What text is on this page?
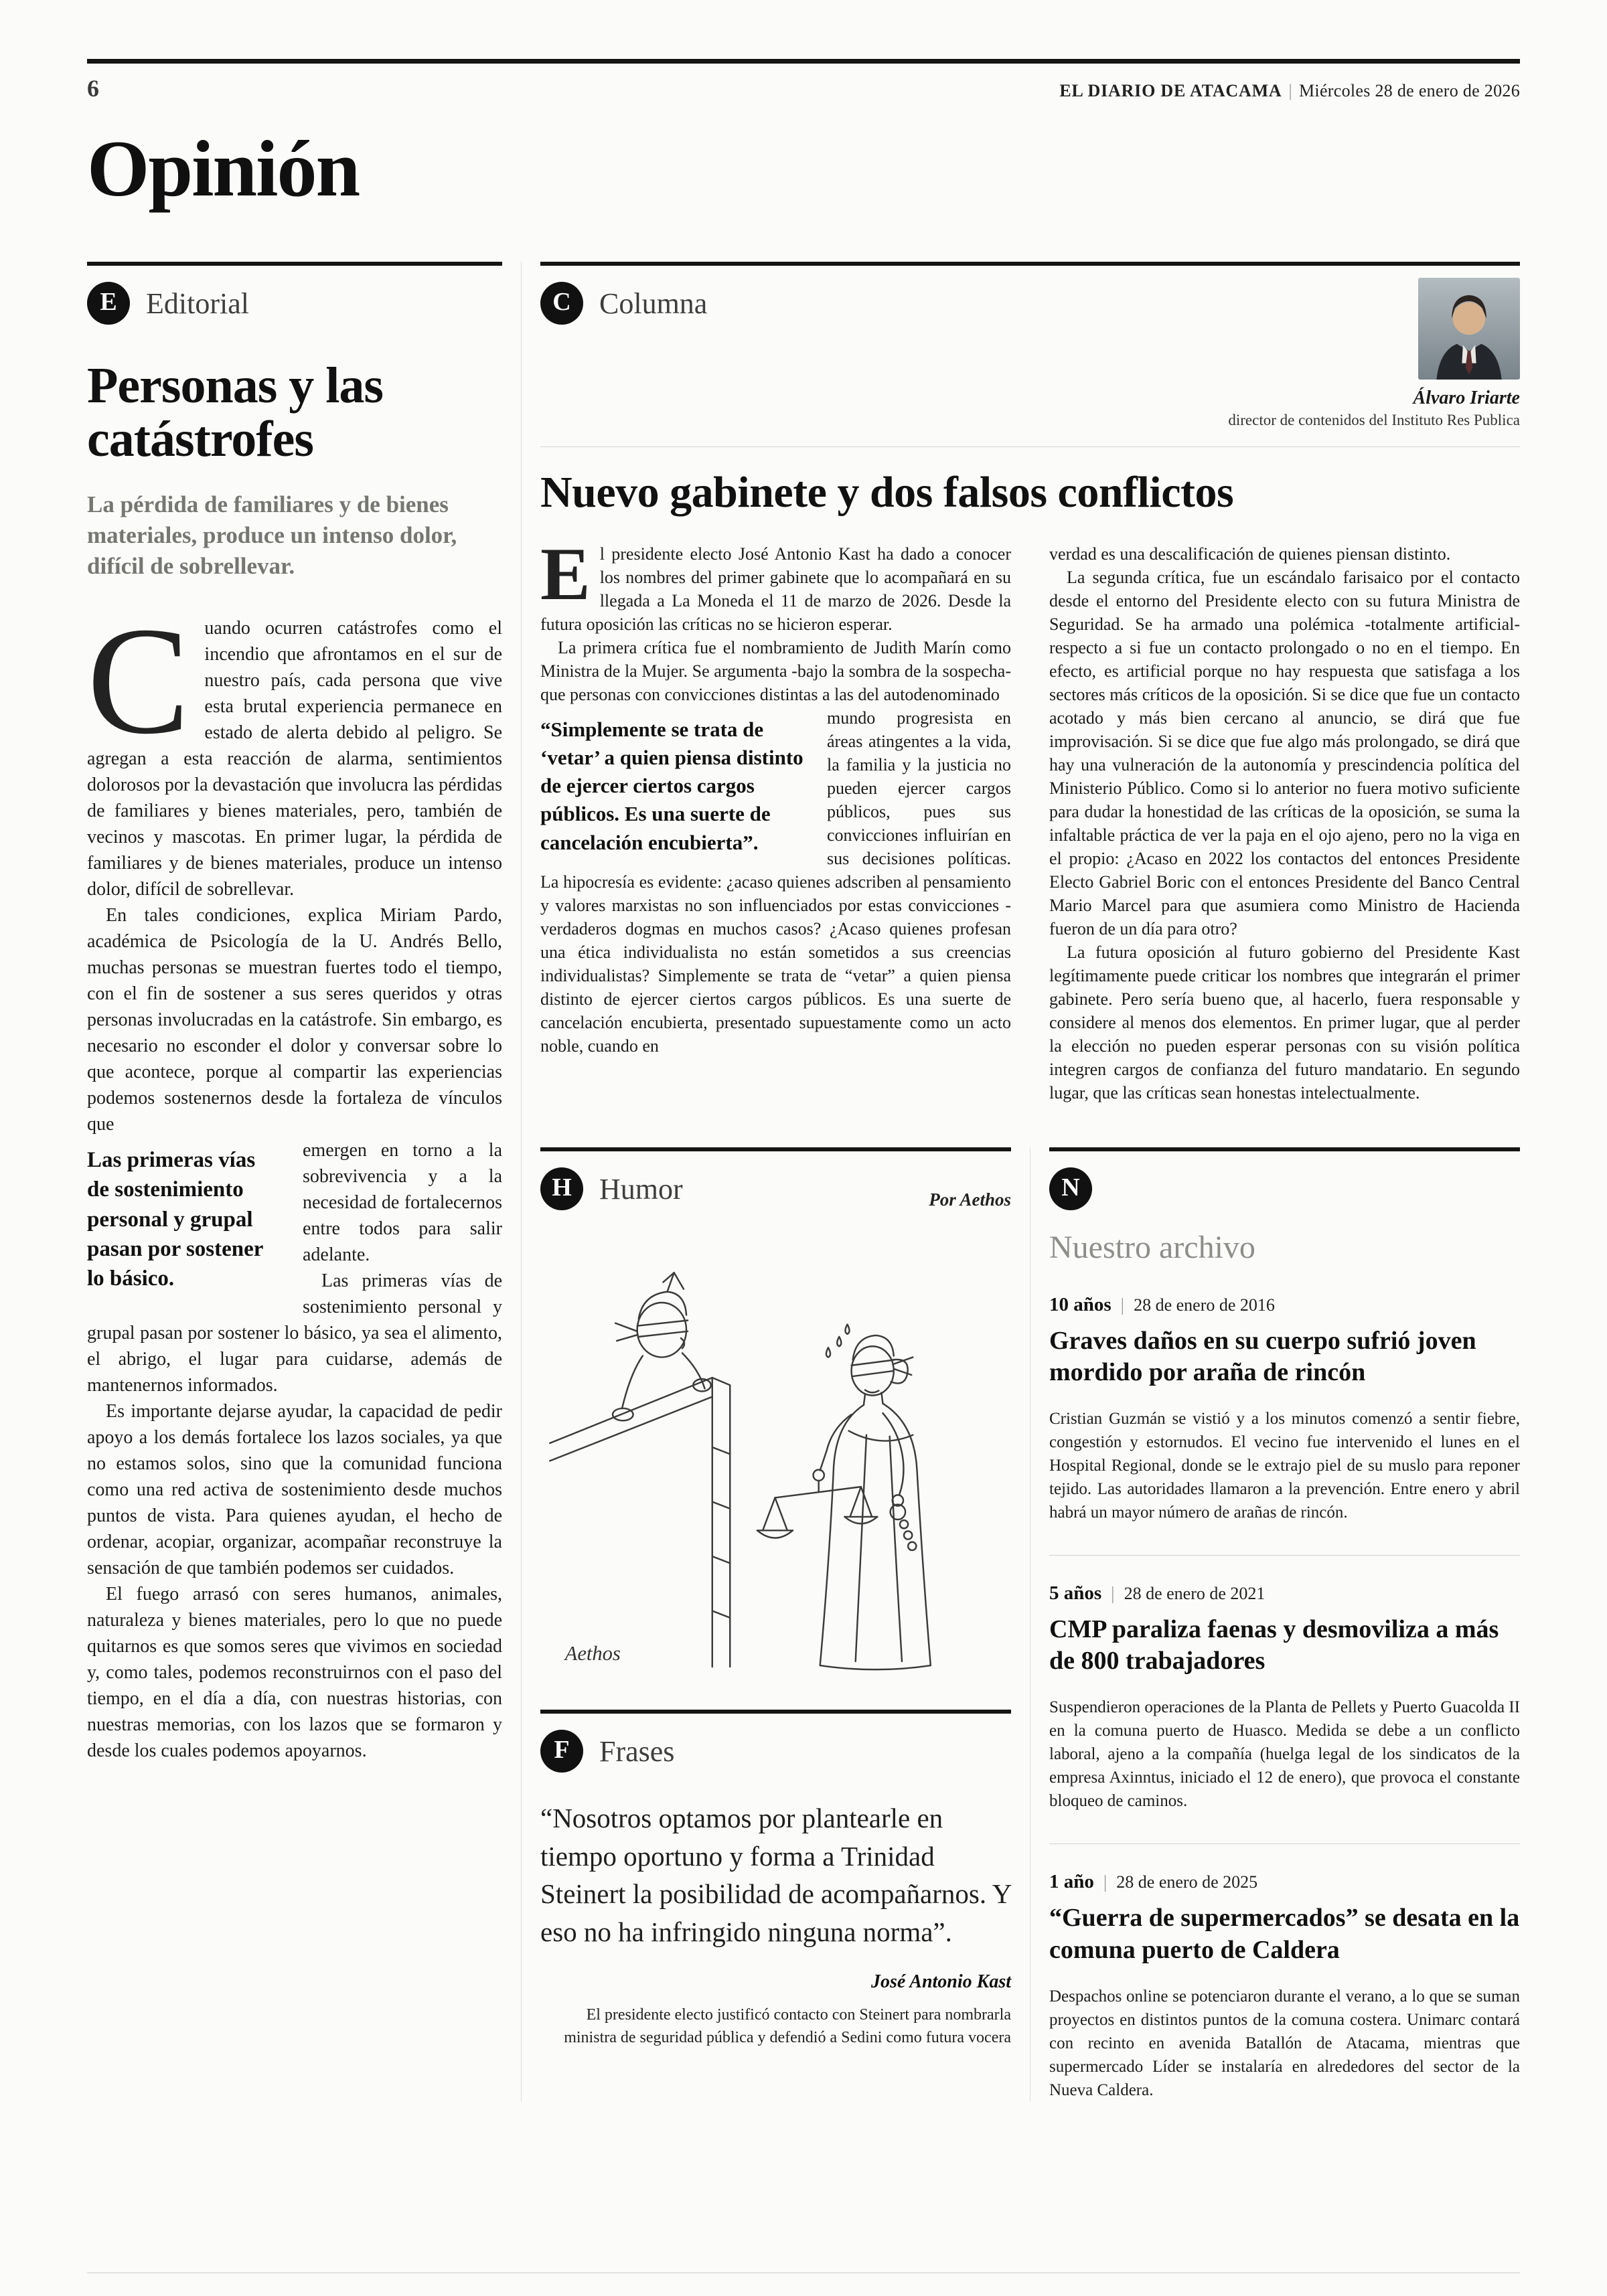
6	EL DIARIO DE ATACAMA | Miércoles 28 de enero de 2026
Opinión
E Editorial
Personas y las catástrofes

La pérdida de familiares y de bienes materiales, produce un intenso dolor, difícil de sobrellevar.

Cuando ocurren catástrofes como el incendio que afrontamos en el sur de nuestro país, cada persona que vive esta brutal experiencia permanece en estado de alerta debido al peligro. Se agregan a esta reacción de alarma, sentimientos dolorosos por la devastación que involucra las pérdidas de familiares y bienes materiales, pero, también de vecinos y mascotas. En primer lugar, la pérdida de familiares y de bienes materiales, produce un intenso dolor, difícil de sobrellevar.

En tales condiciones, explica Miriam Pardo, académica de Psicología de la U. Andrés Bello, muchas personas se muestran fuertes todo el tiempo, con el fin de sostener a sus seres queridos y otras personas involucradas en la catástrofe. Sin embargo, es necesario no esconder el dolor y conversar sobre lo que acontece, porque al compartir las experiencias podemos sostenernos desde la fortaleza de vínculos que

Las primeras vías de sostenimiento personal y grupal pasan por sostener lo básico.

emergen en torno a la sobrevivencia y a la necesidad de fortalecernos entre todos para salir adelante.

Las primeras vías de sostenimiento personal y grupal pasan por sostener lo básico, ya sea el alimento, el abrigo, el lugar para cuidarse, además de mantenernos informados.

Es importante dejarse ayudar, la capacidad de pedir apoyo a los demás fortalece los lazos sociales, ya que no estamos solos, sino que la comunidad funciona como una red activa de sostenimiento desde muchos puntos de vista. Para quienes ayudan, el hecho de ordenar, acopiar, organizar, acompañar reconstruye la sensación de que también podemos ser cuidados.

El fuego arrasó con seres humanos, animales, naturaleza y bienes materiales, pero lo que no puede quitarnos es que somos seres que vivimos en sociedad y, como tales, podemos reconstruirnos con el paso del tiempo, en el día a día, con nuestras historias, con nuestras memorias, con los lazos que se formaron y desde los cuales podemos apoyarnos.

C Columna
Álvaro Iriarte
director de contenidos del Instituto Res Publica
Nuevo gabinete y dos falsos conflictos

El presidente electo José Antonio Kast ha dado a conocer los nombres del primer gabinete que lo acompañará en su llegada a La Moneda el 11 de marzo de 2026. Desde la futura oposición las críticas no se hicieron esperar.

La primera crítica fue el nombramiento de Judith Marín como Ministra de la Mujer. Se argumenta -bajo la sombra de la sospecha- que personas con convicciones distintas a las del autodenominado

“Simplemente se trata de ‘vetar’ a quien piensa distinto de ejercer ciertos cargos públicos. Es una suerte de cancelación encubierta”.

mundo progresista en áreas atingentes a la vida, la familia y la justicia no pueden ejercer cargos públicos, pues sus convicciones influirían en sus decisiones políticas. La hipocresía es evidente: ¿acaso quienes adscriben al pensamiento y valores marxistas no son influenciados por estas convicciones -verdaderos dogmas en muchos casos? ¿Acaso quienes profesan una ética individualista no están sometidos a sus creencias individualistas? Simplemente se trata de “vetar” a quien piensa distinto de ejercer ciertos cargos públicos. Es una suerte de cancelación encubierta, presentado supuestamente como un acto noble, cuando en

verdad es una descalificación de quienes piensan distinto.

La segunda crítica, fue un escándalo farisaico por el contacto desde el entorno del Presidente electo con su futura Ministra de Seguridad. Se ha armado una polémica -totalmente artificial- respecto a si fue un contacto prolongado o no en el tiempo. En efecto, es artificial porque no hay respuesta que satisfaga a los sectores más críticos de la oposición. Si se dice que fue un contacto acotado y más bien cercano al anuncio, se dirá que fue improvisación. Si se dice que fue algo más prolongado, se dirá que hay una vulneración de la autonomía y prescindencia política del Ministerio Público. Como si lo anterior no fuera motivo suficiente para dudar la honestidad de las críticas de la oposición, se suma la infaltable práctica de ver la paja en el ojo ajeno, pero no la viga en el propio: ¿Acaso en 2022 los contactos del entonces Presidente Electo Gabriel Boric con el entonces Presidente del Banco Central Mario Marcel para que asumiera como Ministro de Hacienda fueron de un día para otro?

La futura oposición al futuro gobierno del Presidente Kast legítimamente puede criticar los nombres que integrarán el primer gabinete. Pero sería bueno que, al hacerlo, fuera responsable y considere al menos dos elementos. En primer lugar, que al perder la elección no pueden esperar personas con su visión política integren cargos de confianza del futuro mandatario. En segundo lugar, que las críticas sean honestas intelectualmente.

H Humor	Por Aethos
Aethos
F	Frases
“Nosotros optamos por plantearle en tiempo oportuno y forma a Trinidad Steinert la posibilidad de acompañarnos. Y eso no ha infringido ninguna norma”.
José Antonio Kast

El presidente electo justificó contacto con Steinert para nombrarla ministra de seguridad pública y defendió a Sedini como futura vocera

N
Nuestro archivo
10 años | 28 de enero de 2016
Graves daños en su cuerpo sufrió joven mordido por araña de rincón

Cristian Guzmán se vistió y a los minutos comenzó a sentir fiebre, congestión y estornudos. El vecino fue intervenido el lunes en el Hospital Regional, donde se le extrajo piel de su muslo para reponer tejido. Las autoridades llamaron a la prevención. Entre enero y abril habrá un mayor número de arañas de rincón.

5 años | 28 de enero de 2021
CMP paraliza faenas y desmoviliza a más de 800 trabajadores

Suspendieron operaciones de la Planta de Pellets y Puerto Guacolda II en la comuna puerto de Huasco. Medida se debe a un conflicto laboral, ajeno a la compañía (huelga legal de los sindicatos de la empresa Axinntus, iniciado el 12 de enero), que provoca el constante bloqueo de caminos.

1 año | 28 de enero de 2025
“Guerra de supermercados” se desata en la comuna puerto de Caldera

Despachos online se potenciaron durante el verano, a lo que se suman proyectos en distintos puntos de la comuna costera. Unimarc contará con recinto en avenida Batallón de Atacama, mientras que supermercado Líder se instalaría en alrededores del sector de la Nueva Caldera.
